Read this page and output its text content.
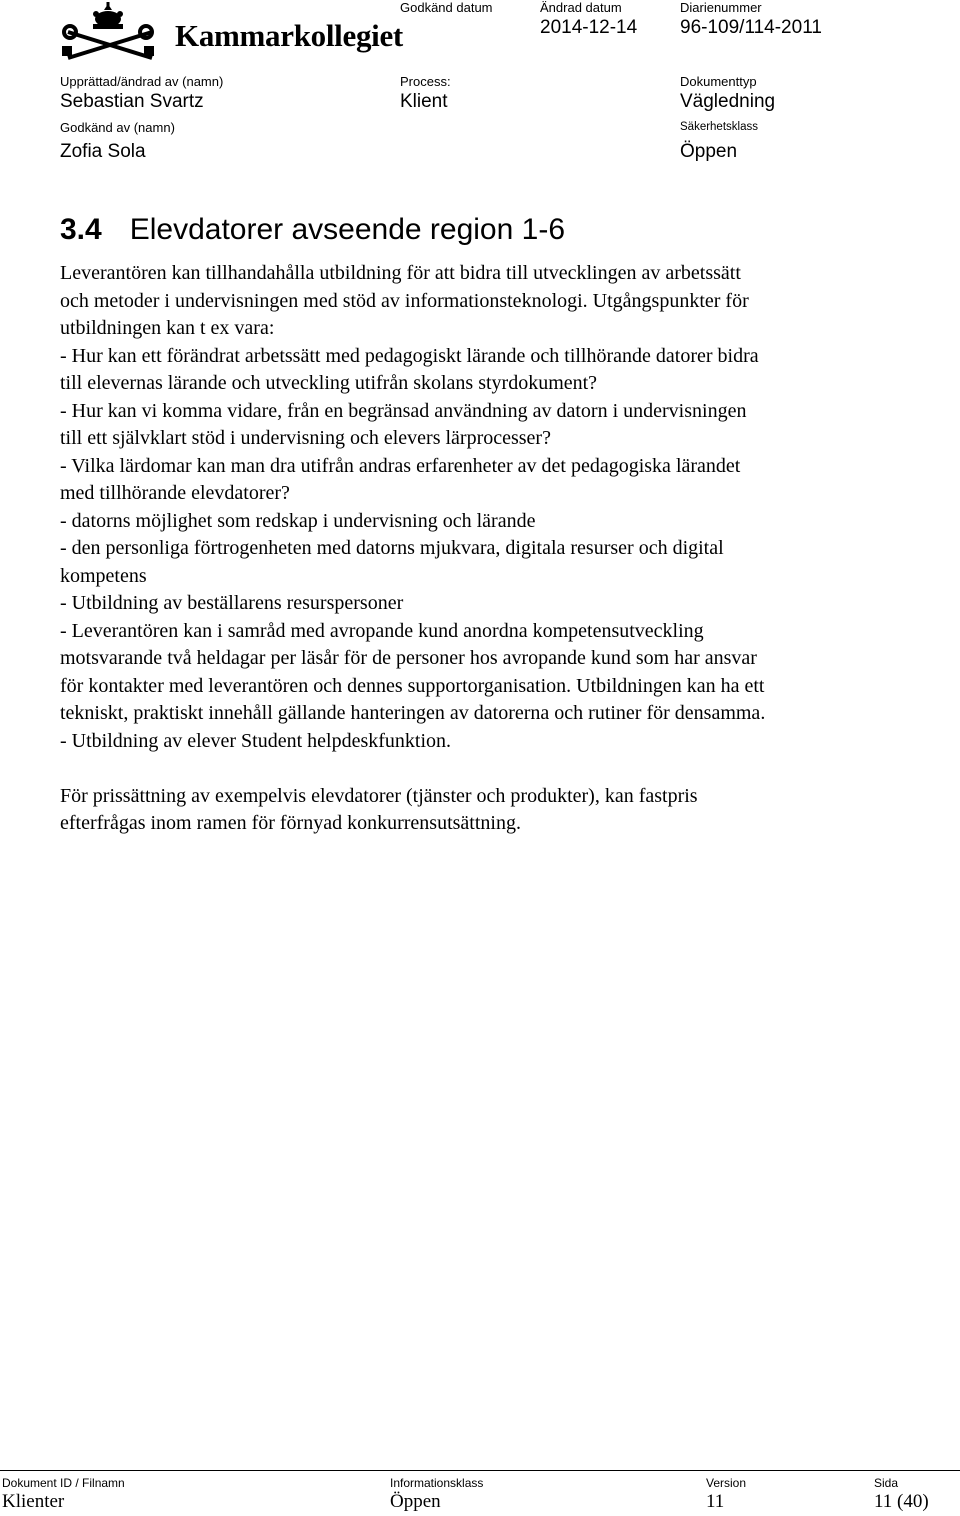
Kammarkollegiet
Godkänd datum	Ändrad datum
2014-12-14
Diarienummer
96-109/114-2011
Upprättad/ändrad av (namn)
Sebastian Svartz
Process:
Klient
Dokumenttyp
Vägledning
Godkänd av (namn)
Zofia Sola
Säkerhetsklass
Öppen
3.4 Elevdatorer avseende region 1-6
Leverantören kan tillhandahålla utbildning för att bidra till utvecklingen av arbetssätt
och metoder i undervisningen med stöd av informationsteknologi. Utgångspunkter för
utbildningen kan t ex vara:
- Hur kan ett förändrat arbetssätt med pedagogiskt lärande och tillhörande datorer bidra
till elevernas lärande och utveckling utifrån skolans styrdokument?
- Hur kan vi komma vidare, från en begränsad användning av datorn i undervisningen
till ett självklart stöd i undervisning och elevers lärprocesser?
- Vilka lärdomar kan man dra utifrån andras erfarenheter av det pedagogiska lärandet
med tillhörande elevdatorer?
- datorns möjlighet som redskap i undervisning och lärande
- den personliga förtrogenheten med datorns mjukvara, digitala resurser och digital
kompetens
- Utbildning av beställarens resurspersoner
- Leverantören kan i samråd med avropande kund anordna kompetensutveckling
motsvarande två heldagar per läsår för de personer hos avropande kund som har ansvar
för kontakter med leverantören och dennes supportorganisation. Utbildningen kan ha ett
tekniskt, praktiskt innehåll gällande hanteringen av datorerna och rutiner för densamma.
- Utbildning av elever Student helpdeskfunktion.
För prissättning av exempelvis elevdatorer (tjänster och produkter), kan fastpris
efterfrågas inom ramen för förnyad konkurrensutsättning.
Dokument ID / Filnamn
Klienter
Informationsklass
Öppen
Version
11
Sida
11 (40)
